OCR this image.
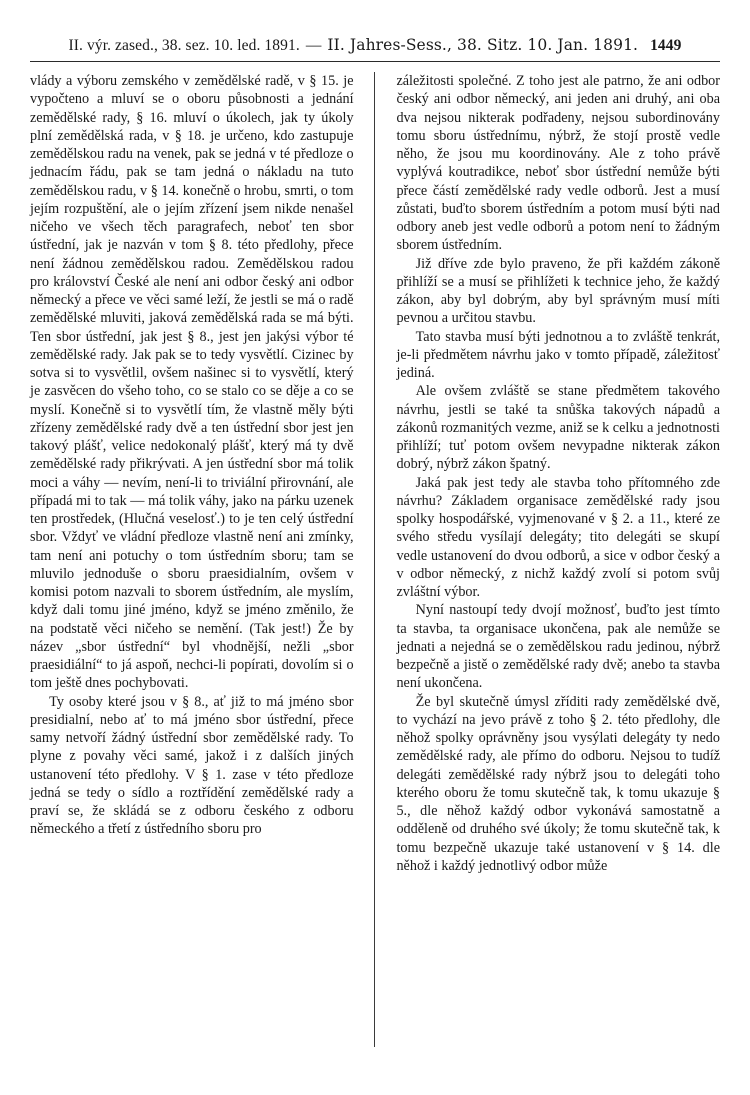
II. výr. zased., 38. sez. 10. led. 1891. — II. Jahres-Sess., 38. Sitz. 10. Jan. 1891. 1449

vlády a výboru zemského v zemědělské radě, v § 15. je vypočteno a mluví se o oboru působnosti a jednání zemědělské rady, § 16. mluví o úkolech, jak ty úkoly plní zemědělská rada, v § 18. je určeno, kdo zastupuje zemědělskou radu na venek, pak se jedná v té předloze o jednacím řádu, pak se tam jedná o nákladu na tuto zemědělskou radu, v § 14. konečně o hrobu, smrti, o tom jejím rozpuštění, ale o jejím zřízení jsem nikde nenašel ničeho ve všech těch paragrafech, neboť ten sbor ústřední, jak je nazván v tom § 8. této předlohy, přece není žádnou zemědělskou radou. Zemědělskou radou pro království České ale není ani odbor český ani odbor německý a přece ve věci samé leží, že jestli se má o radě zemědělské mluviti, jaková zemědělská rada se má býti. Ten sbor ústřední, jak jest § 8., jest jen jakýsi výbor té zemědělské rady. Jak pak se to tedy vysvětlí. Cizinec by sotva si to vysvětlil, ovšem našinec si to vysvětlí, který je zasvěcen do všeho toho, co se stalo co se děje a co se myslí. Konečně si to vysvětlí tím, že vlastně měly býti zřízeny zemědělské rady dvě a ten ústřední sbor jest jen takový plášť, velice nedokonalý plášť, který má ty dvě zemědělské rady přikrývati. A jen ústřední sbor má tolik moci a váhy — nevím, není-li to triviální přirovnání, ale případá mi to tak — má tolik váhy, jako na párku uzenek ten prostředek, (Hlučná veselosť.) to je ten celý ústřední sbor. Vždyť ve vládní předloze vlastně není ani zmínky, tam není ani potuchy o tom ústředním sboru; tam se mluvilo jednoduše o sboru praesidialním, ovšem v komisi potom nazvali to sborem ústředním, ale myslím, když dali tomu jiné jméno, když se jméno změnilo, že na podstatě věci ničeho se nemění. (Tak jest!) Že by název „sbor ústřední“ byl vhodnější, nežli „sbor praesidiální“ to já aspoň, nechci-li popírati, dovolím si o tom ještě dnes pochybovati.

Ty osoby které jsou v § 8., ať již to má jméno sbor presidialní, nebo ať to má jméno sbor ústřední, přece samy netvoří žádný ústřední sbor zemědělské rady. To plyne z povahy věci samé, jakož i z dalších jiných ustanovení této předlohy. V § 1. zase v této předloze jedná se tedy o sídlo a roztřídění zemědělské rady a praví se, že skládá se z odboru českého z odboru německého a třetí z ústředního sboru pro

záležitosti společné. Z toho jest ale patrno, že ani odbor český ani odbor německý, ani jeden ani druhý, ani oba dva nejsou nikterak podřadeny, nejsou subordinovány tomu sboru ústřednímu, nýbrž, že stojí prostě vedle něho, že jsou mu koordinovány. Ale z toho právě vyplývá koutradikce, neboť sbor ústřední nemůže býti přece částí zemědělské rady vedle odborů. Jest a musí zůstati, buďto sborem ústředním a potom musí býti nad odbory aneb jest vedle odborů a potom není to žádným sborem ústředním.

Již dříve zde bylo praveno, že při každém zákoně přihlíží se a musí se přihlížeti k technice jeho, že každý zákon, aby byl dobrým, aby byl správným musí míti pevnou a určitou stavbu.

Tato stavba musí býti jednotnou a to zvláště tenkrát, je-li předmětem návrhu jako v tomto případě, záležitosť jediná.

Ale ovšem zvláště se stane předmětem takového návrhu, jestli se také ta snůška takových nápadů a zákonů rozmanitých vezme, aniž se k celku a jednotnosti přihlíží; tuť potom ovšem nevypadne nikterak zákon dobrý, nýbrž zákon špatný.

Jaká pak jest tedy ale stavba toho přítomného zde návrhu? Základem organisace zemědělské rady jsou spolky hospodářské, vyjmenované v § 2. a 11., které ze svého středu vysílají delegáty; tito delegáti se skupí vedle ustanovení do dvou odborů, a sice v odbor český a v odbor německý, z nichž každý zvolí si potom svůj zvláštní výbor.

Nyní nastoupí tedy dvojí možnosť, buďto jest tímto ta stavba, ta organisace ukončena, pak ale nemůže se jednati a nejedná se o zemědělskou radu jedinou, nýbrž bezpečně a jistě o zemědělské rady dvě; anebo ta stavba není ukončena.

Že byl skutečně úmysl zříditi rady zemědělské dvě, to vychází na jevo právě z toho § 2. této předlohy, dle něhož spolky oprávněny jsou vysýlati delegáty ty nedo zemědělské rady, ale přímo do odboru. Nejsou to tudíž delegáti zemědělské rady nýbrž jsou to delegáti toho kterého oboru že tomu skutečně tak, k tomu ukazuje § 5., dle něhož každý odbor vykonává samostatně a odděleně od druhého své úkoly; že tomu skutečně tak, k tomu bezpečně ukazuje také ustanovení v § 14. dle něhož i každý jednotlivý odbor může
